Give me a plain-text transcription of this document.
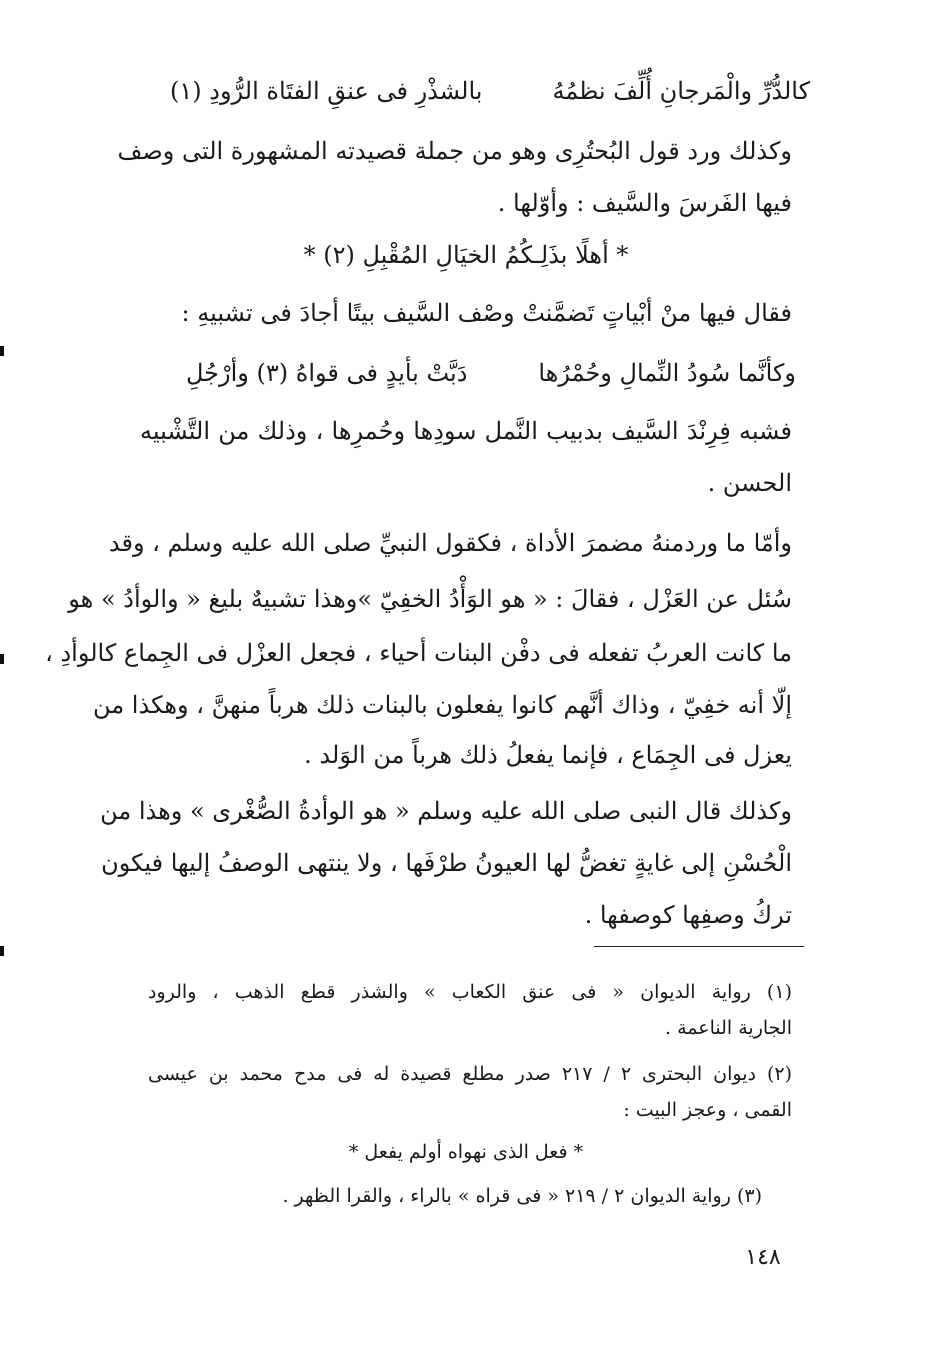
كالدُّرِّ والْمَرجانِ أُلِّفَ نظمُهُ
بالشذْرِ فى عنقِ الفتَاة الرُّودِ (١)
وكذلك ورد قول البُحتُرِى وهو من جملة قصيدته المشهورة التى وصف
فيها الفَرسَ والسَّيف : وأوّلها .
* أهلًا بذَلِـكُمُ الخيَالِ المُقْبِلِ (٢) *
فقال فيها منْ أبْياتٍ تَضمَّنتْ وصْف السَّيف بيتًا أجادَ فى تشبيهِ :
وكأنَّما سُودُ النِّمالِ وحُمْرُها
دَبَّتْ بأيدٍ فى قواهُ (٣) وأرْجُلِ
فشبه فِرِنْدَ السَّيف بدبيب النَّمل سودِها وحُمرِها ، وذلك من التَّشْبيه
الحسن .
وأمّا ما وردمنهُ مضمرَ الأداة ، فكقول النبيِّ صلى الله عليه وسلم ، وقد
سُئل عن العَزْل ، فقالَ : « هو الوَأْدُ الخفِيّ »وهذا تشبيهٌ بليغ « والوأدُ » هو
ما كانت العربُ تفعله فى دفْن البنات أحياء ، فجعل العزْل فى الجِماع كالوأدِ ،
إلّا أنه خفِيّ ، وذاك أنَّهم كانوا يفعلون بالبنات ذلك هرباً منهنَّ ، وهكذا من
يعزل فى الجِمَاع ، فإنما يفعلُ ذلك هرباً من الوَلد .
وكذلك قال النبى صلى الله عليه وسلم « هو الوأدةُ الصُّغْرى » وهذا من
الْحُسْنِ إلى غايةٍ تغضُّ لها العيونُ طرْفَها ، ولا ينتهى الوصفُ إليها فيكون
تركُ وصفِها كوصفها .
(١) رواية الديوان « فى عنق الكعاب » والشذر قطع الذهب ، والرود
الجارية الناعمة .
(٢) ديوان البحترى ٢ / ٢١٧ صدر مطلع قصيدة له فى مدح محمد بن عيسى
القمى ، وعجز البيت :
* فعل الذى نهواه أولم يفعل *
(٣) رواية الديوان ٢ / ٢١٩ « فى قراه » بالراء ، والقرا الظهر .
١٤٨
